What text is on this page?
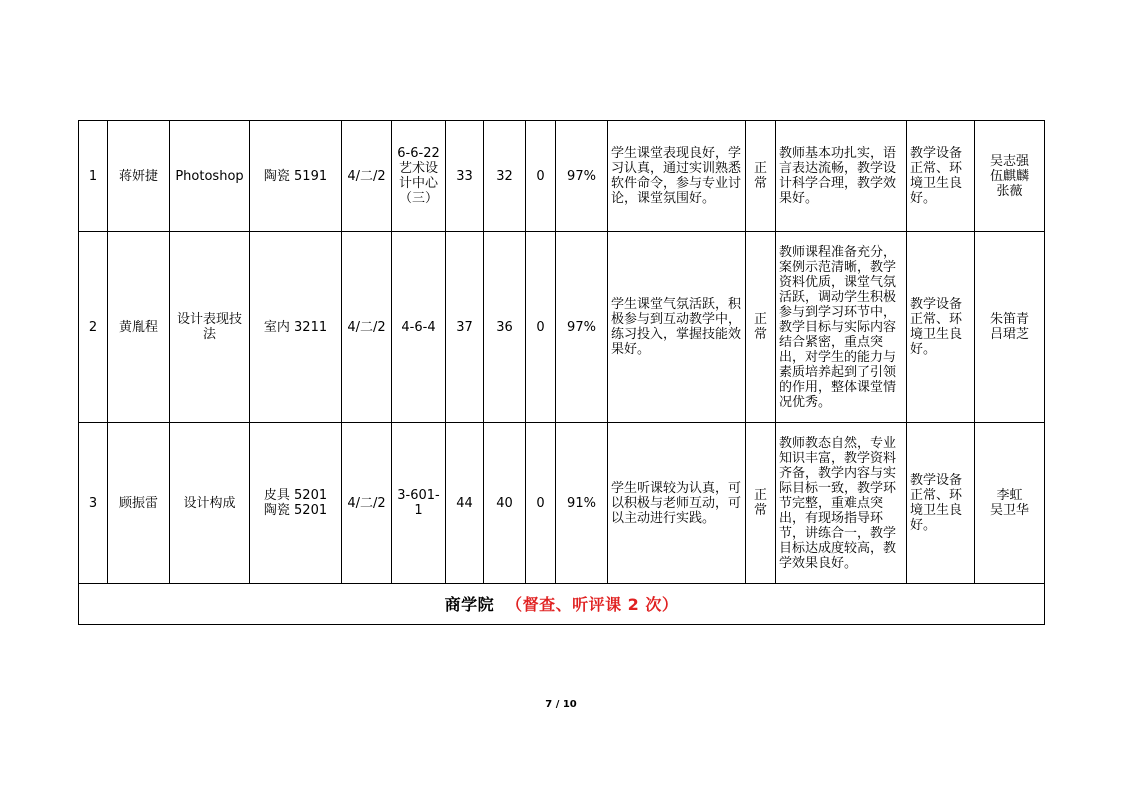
1	蒋妍捷	Photoshop	陶瓷 5191	4/二/2	6-6-22艺术设计中心（三）	33	32	0	97%	学生课堂表现良好，学习认真，通过实训熟悉软件命令，参与专业讨论，课堂氛围好。	正常	教师基本功扎实，语言表达流畅，教学设计科学合理，教学效果好。	教学设备正常、环境卫生良好。	吴志强
伍麒麟
张薇

2	黄胤程	设计表现技法	室内 3211	4/二/2	4-6-4	37	36	0	97%	学生课堂气氛活跃，积极参与到互动教学中，练习投入，掌握技能效果好。	正常	教师课程准备充分，案例示范清晰，教学资料优质，课堂气氛活跃，调动学生积极参与到学习环节中，教学目标与实际内容结合紧密，重点突出，对学生的能力与素质培养起到了引领的作用，整体课堂情况优秀。	教学设备正常、环境卫生良好。	朱笛青
吕珺芝

3	顾振雷	设计构成	皮具 5201
陶瓷 5201	4/二/2	3-601-1	44	40	0	91%	学生听课较为认真，可以积极与老师互动，可以主动进行实践。	正常	教师教态自然，专业知识丰富，教学资料齐备，教学内容与实际目标一致，教学环节完整，重难点突出，有现场指导环节，讲练合一，教学目标达成度较高，教学效果良好。	教学设备正常、环境卫生良好。	李虹
吴卫华

商学院 （督查、听评课 2 次）														
7 / 10
